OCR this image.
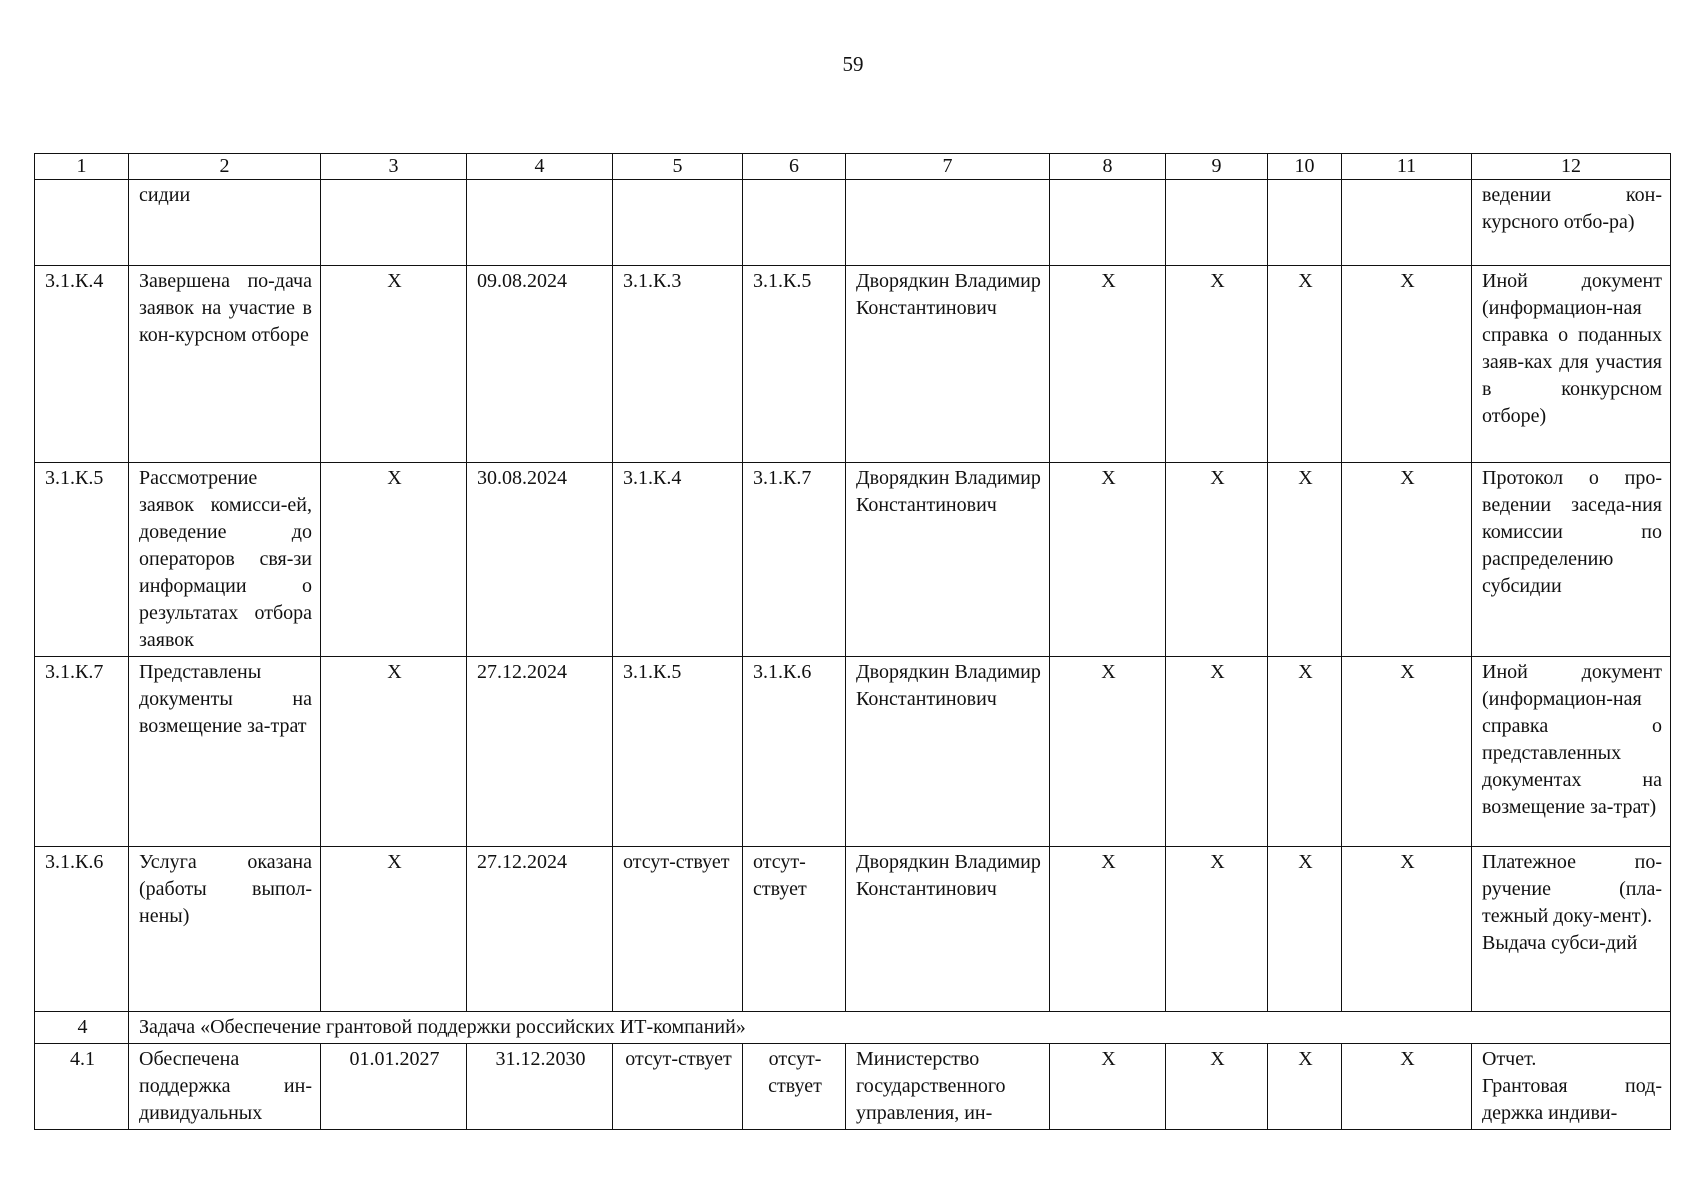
59
1	2	3	4	5	6	7	8	9	10	11	12
	сидии										ведении кон-курсного отбо-ра)
3.1.К.4	Завершена по-дача заявок на участие в кон-курсном отборе	Х	09.08.2024	3.1.К.3	3.1.К.5	Дворядкин Владимир Константинович	Х	Х	Х	Х	Иной документ (информацион-ная справка о поданных заяв-ках для участия в конкурсном отборе)
3.1.К.5	Рассмотрение заявок комисси-ей, доведение до операторов свя-зи информации о результатах отбора заявок	Х	30.08.2024	3.1.К.4	3.1.К.7	Дворядкин Владимир Константинович	Х	Х	Х	Х	Протокол о про-ведении заседа-ния комиссии по распределению субсидии
3.1.К.7	Представлены документы на возмещение за-трат	Х	27.12.2024	3.1.К.5	3.1.К.6	Дворядкин Владимир Константинович	Х	Х	Х	Х	Иной документ (информацион-ная справка о представленных документах на возмещение за-трат)
3.1.К.6	Услуга оказана (работы выпол-нены)	Х	27.12.2024	отсут-ствует	отсут-ствует	Дворядкин Владимир Константинович	Х	Х	Х	Х	Платежное по-ручение (пла-тежный доку-мент).
Выдача субси-дий

4	Задача «Обеспечение грантовой поддержки российских ИТ-компаний»										
4.1	Обеспечена поддержка ин-дивидуальных	01.01.2027	31.12.2030	отсут-ствует	отсут-ствует	Министерство государственного управления, ин-	Х	Х	Х	Х	Отчет.
Грантовая под-держка индиви-
